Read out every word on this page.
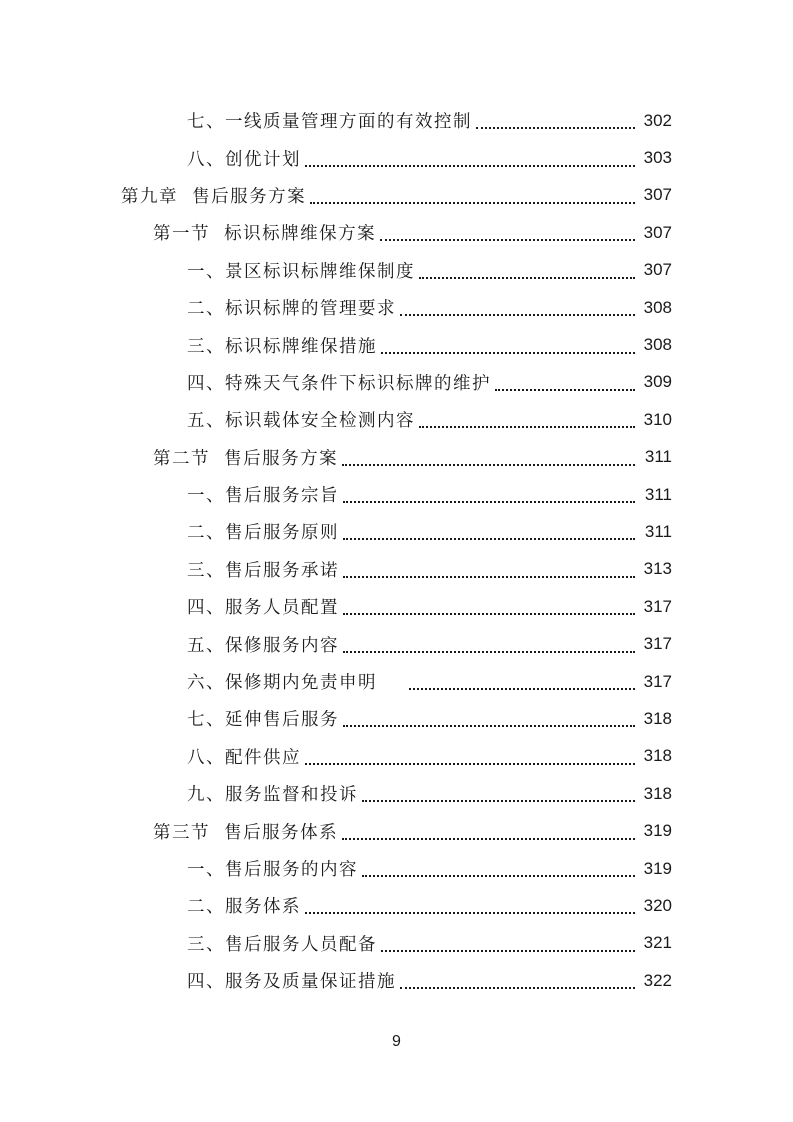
七、一线质量管理方面的有效控制	302
八、创优计划	303
第九章  售后服务方案	307
第一节  标识标牌维保方案	307
一、景区标识标牌维保制度	307
二、标识标牌的管理要求	308
三、标识标牌维保措施	308
四、特殊天气条件下标识标牌的维护	309
五、标识载体安全检测内容	310
第二节  售后服务方案	311
一、售后服务宗旨	311
二、售后服务原则	311
三、售后服务承诺	313
四、服务人员配置	317
五、保修服务内容	317
六、保修期内免责申明	317
七、延伸售后服务	318
八、配件供应	318
九、服务监督和投诉	318
第三节  售后服务体系	319
一、售后服务的内容	319
二、服务体系	320
三、售后服务人员配备	321
四、服务及质量保证措施	322
9
